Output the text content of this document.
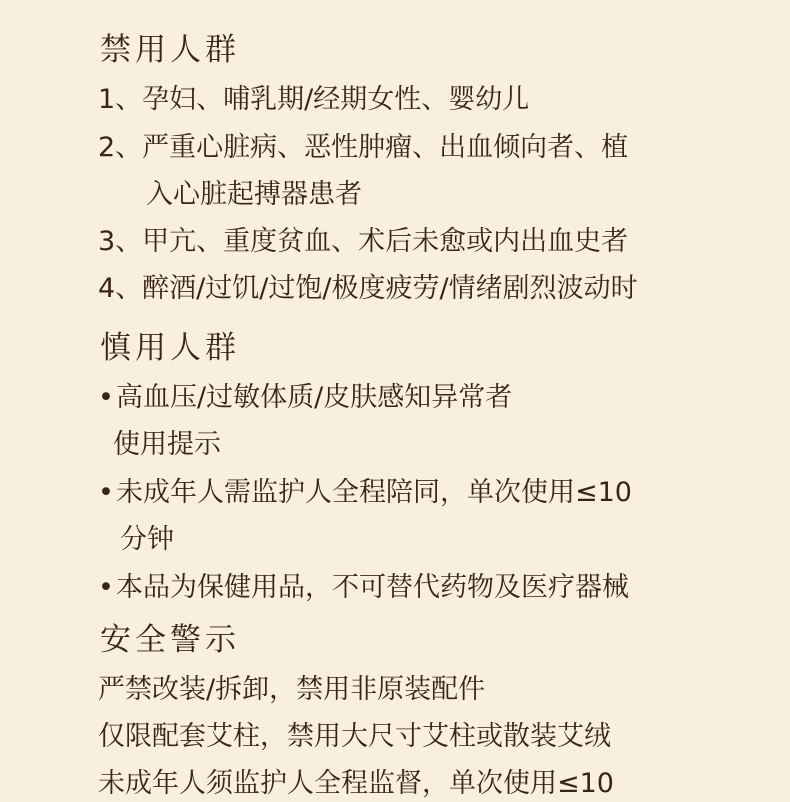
禁用人群
1、孕妇、哺乳期/经期女性、婴幼儿
2、严重心脏病、恶性肿瘤、出血倾向者、植
入心脏起搏器患者
3、甲亢、重度贫血、术后未愈或内出血史者
4、醉酒/过饥/过饱/极度疲劳/情绪剧烈波动时
慎用人群
•高血压/过敏体质/皮肤感知异常者
使用提示
•未成年人需监护人全程陪同，单次使用≤10
分钟
•本品为保健用品，不可替代药物及医疗器械
安全警示
严禁改装/拆卸，禁用非原装配件
仅限配套艾柱，禁用大尺寸艾柱或散装艾绒
未成年人须监护人全程监督，单次使用≤10
